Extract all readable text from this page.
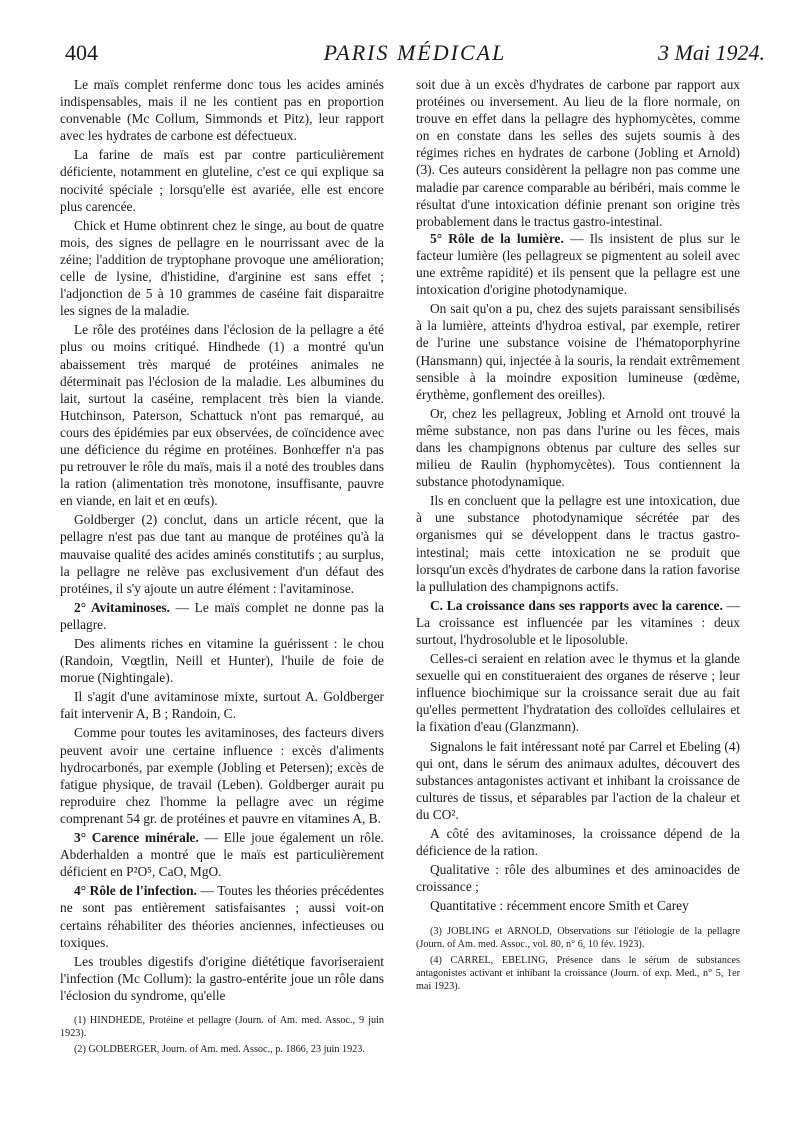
404	PARIS MÉDICAL	3 Mai 1924.

Le maïs complet renferme donc tous les acides aminés indispensables, mais il ne les contient pas en proportion convenable (Mc Collum, Simmonds et Pitz), leur rapport avec les hydrates de carbone est défectueux.

La farine de maïs est par contre particulièrement déficiente, notamment en gluteline, c'est ce qui explique sa nocivité spéciale ; lorsqu'elle est avariée, elle est encore plus carencée.

Chick et Hume obtinrent chez le singe, au bout de quatre mois, des signes de pellagre en le nourrissant avec de la zéine; l'addition de tryptophane provoque une amélioration; celle de lysine, d'histidine, d'arginine est sans effet ; l'adjonction de 5 à 10 grammes de caséine fait disparaitre les signes de la maladie.

Le rôle des protéines dans l'éclosion de la pellagre a été plus ou moins critiqué. Hindhede (1) a montré qu'un abaissement très marqué de protéines animales ne déterminait pas l'éclosion de la maladie. Les albumines du lait, surtout la caséine, remplacent très bien la viande. Hutchinson, Paterson, Schattuck n'ont pas remarqué, au cours des épidémies par eux observées, de coïncidence avec une déficience du régime en protéines. Bonhœffer n'a pas pu retrouver le rôle du maïs, mais il a noté des troubles dans la ration (alimentation très monotone, insuffisante, pauvre en viande, en lait et en œufs).

Goldberger (2) conclut, dans un article récent, que la pellagre n'est pas due tant au manque de protéines qu'à la mauvaise qualité des acides aminés constitutifs ; au surplus, la pellagre ne relève pas exclusivement d'un défaut des protéines, il s'y ajoute un autre élément : l'avitaminose.

2° Avitaminoses. — Le maïs complet ne donne pas la pellagre.

Des aliments riches en vitamine la guérissent : le chou (Randoin, Vœgtlin, Neill et Hunter), l'huile de foie de morue (Nightingale).

Il s'agit d'une avitaminose mixte, surtout A. Goldberger fait intervenir A, B ; Randoin, C.

Comme pour toutes les avitaminoses, des facteurs divers peuvent avoir une certaine influence : excès d'aliments hydrocarbonés, par exemple (Jobling et Petersen); excès de fatigue physique, de travail (Leben). Goldberger aurait pu reproduire chez l'homme la pellagre avec un régime comprenant 54 gr. de protéines et pauvre en vitamines A, B.

3° Carence minérale. — Elle joue également un rôle. Abderhalden a montré que le maïs est particulièrement déficient en P²O⁵, CaO, MgO.

4° Rôle de l'infection. — Toutes les théories précédentes ne sont pas entièrement satisfaisantes ; aussi voit-on certains réhabiliter des théories anciennes, infectieuses ou toxiques.

Les troubles digestifs d'origine diététique favoriseraient l'infection (Mc Collum): la gastro-entérite joue un rôle dans l'éclosion du syndrome, qu'elle

(1) HINDHEDE, Protéine et pellagre (Journ. of Am. med. Assoc., 9 juin 1923).

(2) GOLDBERGER, Journ. of Am. med. Assoc., p. 1866, 23 juin 1923.

soit due à un excès d'hydrates de carbone par rapport aux protéines ou inversement. Au lieu de la flore normale, on trouve en effet dans la pellagre des hyphomycètes, comme on en constate dans les selles des sujets soumis à des régimes riches en hydrates de carbone (Jobling et Arnold) (3). Ces auteurs considèrent la pellagre non pas comme une maladie par carence comparable au béribéri, mais comme le résultat d'une intoxication définie prenant son origine très probablement dans le tractus gastro-intestinal.

5° Rôle de la lumière. — Ils insistent de plus sur le facteur lumière (les pellagreux se pigmentent au soleil avec une extrême rapidité) et ils pensent que la pellagre est une intoxication d'origine photodynamique.

On sait qu'on a pu, chez des sujets paraissant sensibilisés à la lumière, atteints d'hydroa estival, par exemple, retirer de l'urine une substance voisine de l'hématoporphyrine (Hansmann) qui, injectée à la souris, la rendait extrêmement sensible à la moindre exposition lumineuse (œdème, érythème, gonflement des oreilles).

Or, chez les pellagreux, Jobling et Arnold ont trouvé la même substance, non pas dans l'urine ou les fèces, mais dans les champignons obtenus par culture des selles sur milieu de Raulin (hyphomycètes). Tous contiennent la substance photodynamique.

Ils en concluent que la pellagre est une intoxication, due à une substance photodynamique sécrétée par des organismes qui se développent dans le tractus gastro-intestinal; mais cette intoxication ne se produit que lorsqu'un excès d'hydrates de carbone dans la ration favorise la pullulation des champignons actifs.

C. La croissance dans ses rapports avec la carence. — La croissance est influencée par les vitamines : deux surtout, l'hydrosoluble et le liposoluble.

Celles-ci seraient en relation avec le thymus et la glande sexuelle qui en constitueraient des organes de réserve ; leur influence biochimique sur la croissance serait due au fait qu'elles permettent l'hydratation des colloïdes cellulaires et la fixation d'eau (Glanzmann).

Signalons le fait intéressant noté par Carrel et Ebeling (4) qui ont, dans le sérum des animaux adultes, découvert des substances antagonistes activant et inhibant la croissance de cultures de tissus, et séparables par l'action de la chaleur et du CO².

A côté des avitaminoses, la croissance dépend de la déficience de la ration.

Qualitative : rôle des albumines et des aminoacides de croissance ;

Quantitative : récemment encore Smith et Carey

(3) JOBLING et ARNOLD, Observations sur l'étiologie de la pellagre (Journ. of Am. med. Assoc., vol. 80, n° 6, 10 fév. 1923).

(4) CARREL, EBELING, Présence dans le sérum de substances antagonistes activant et inhibant la croissance (Journ. of exp. Med., n° 5, 1er mai 1923).
